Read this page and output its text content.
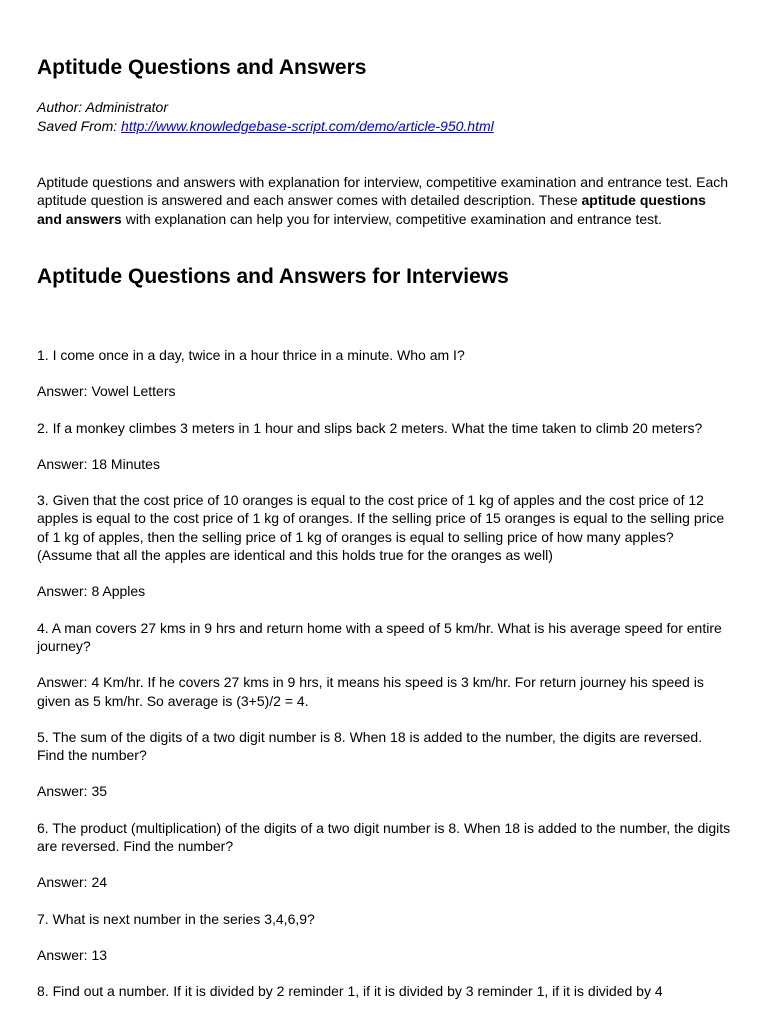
Aptitude Questions and Answers
Author: Administrator
Saved From: http://www.knowledgebase-script.com/demo/article-950.html

Aptitude questions and answers with explanation for interview, competitive examination and entrance test. Each aptitude question is answered and each answer comes with detailed description. These aptitude questions and answers with explanation can help you for interview, competitive examination and entrance test.

Aptitude Questions and Answers for Interviews

1. I come once in a day, twice in a hour thrice in a minute. Who am I?

Answer: Vowel Letters

2. If a monkey climbes 3 meters in 1 hour and slips back 2 meters. What the time taken to climb 20 meters?

Answer: 18 Minutes

3. Given that the cost price of 10 oranges is equal to the cost price of 1 kg of apples and the cost price of 12 apples is equal to the cost price of 1 kg of oranges. If the selling price of 15 oranges is equal to the selling price of 1 kg of apples, then the selling price of 1 kg of oranges is equal to selling price of how many apples? (Assume that all the apples are identical and this holds true for the oranges as well)

Answer: 8 Apples

4. A man covers 27 kms in 9 hrs and return home with a speed of 5 km/hr. What is his average speed for entire journey?

Answer: 4 Km/hr. If he covers 27 kms in 9 hrs, it means his speed is 3 km/hr. For return journey his speed is given as 5 km/hr. So average is (3+5)/2 = 4.

5. The sum of the digits of a two digit number is 8. When 18 is added to the number, the digits are reversed. Find the number?

Answer: 35

6. The product (multiplication) of the digits of a two digit number is 8. When 18 is added to the number, the digits are reversed. Find the number?

Answer: 24

7. What is next number in the series 3,4,6,9?

Answer: 13

8. Find out a number. If it is divided by 2 reminder 1, if it is divided by 3 reminder 1, if it is divided by 4
